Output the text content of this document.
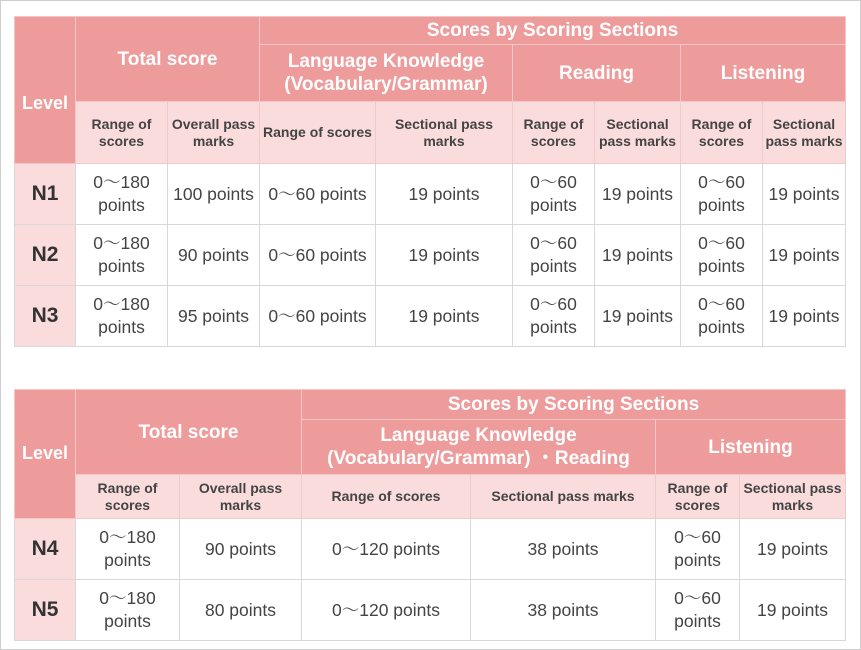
Level	Total score		Scores by Scoring Sections					

			Language Knowledge
(Vocabulary/Grammar)		Reading		Listening	
	Range of scores	Overall pass marks	Range of scores	Sectional pass marks	Range of scores	Sectional pass marks	Range of scores	Sectional pass marks
N1	0～180 points	100 points	0～60 points	19 points	0～60 points	19 points	0～60 points	19 points
N2	0～180 points	90 points	0～60 points	19 points	0～60 points	19 points	0～60 points	19 points
N3	0～180 points	95 points	0～60 points	19 points	0～60 points	19 points	0～60 points	19 points
Level	Total score		Scores by Scoring Sections			

			Language Knowledge
(Vocabulary/Grammar) ・Reading		Listening	
	Range of scores	Overall pass marks	Range of scores	Sectional pass marks	Range of scores	Sectional pass marks
N4	0～180 points	90 points	0～120 points	38 points	0～60 points	19 points
N5	0～180 points	80 points	0～120 points	38 points	0～60 points	19 points
